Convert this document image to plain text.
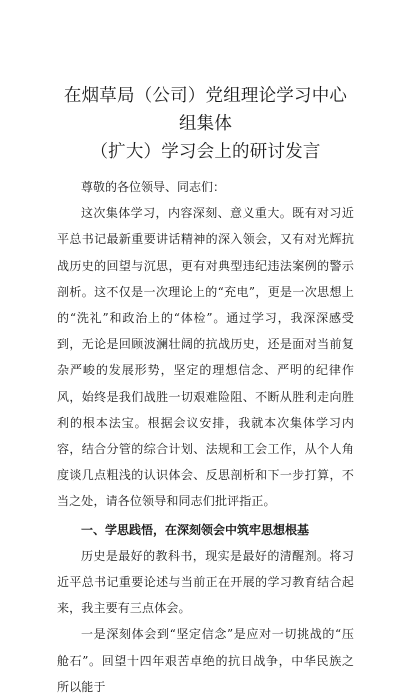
在烟草局（公司）党组理论学习中心组集体
（扩大）学习会上的研讨发言

尊敬的各位领导、同志们：

这次集体学习，内容深刻、意义重大。既有对习近平总书记最新重要讲话精神的深入领会，又有对光辉抗战历史的回望与沉思，更有对典型违纪违法案例的警示剖析。这不仅是一次理论上的“充电”，更是一次思想上的“洗礼”和政治上的“体检”。通过学习，我深深感受到，无论是回顾波澜壮阔的抗战历史，还是面对当前复杂严峻的发展形势，坚定的理想信念、严明的纪律作风，始终是我们战胜一切艰难险阻、不断从胜利走向胜利的根本法宝。根据会议安排，我就本次集体学习内容，结合分管的综合计划、法规和工会工作，从个人角度谈几点粗浅的认识体会、反思剖析和下一步打算，不当之处，请各位领导和同志们批评指正。

一、学思践悟，在深刻领会中筑牢思想根基

历史是最好的教科书，现实是最好的清醒剂。将习近平总书记重要论述与当前正在开展的学习教育结合起来，我主要有三点体会。

一是深刻体会到“坚定信念”是应对一切挑战的“压舱石”。回望十四年艰苦卓绝的抗日战争，中华民族之所以能于
